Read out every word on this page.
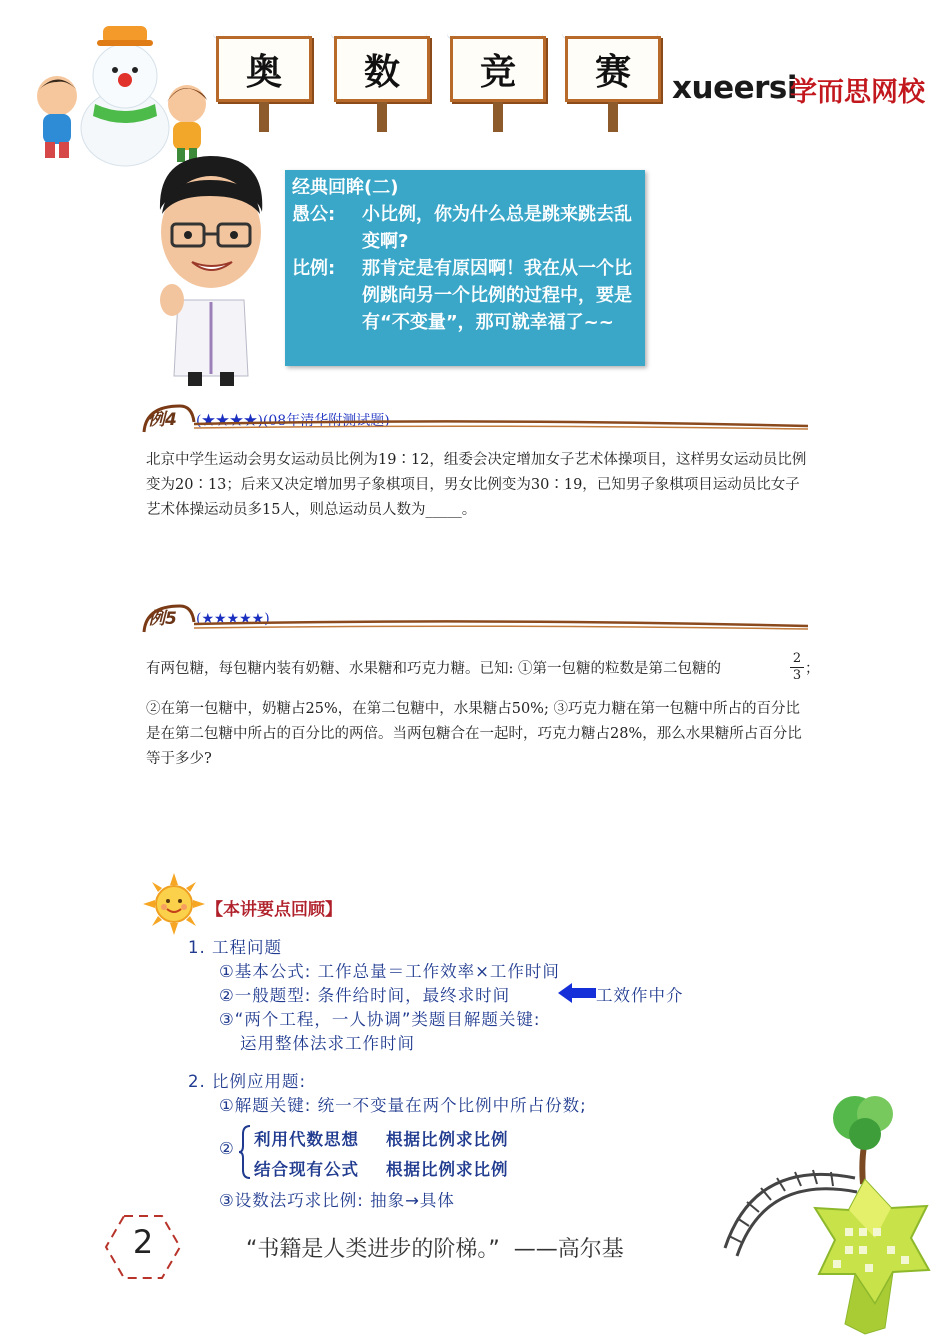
奥	数	竞	赛	xueersi
学而思网校
经典回眸(二)
愚公: 小比例，你为什么总是跳来跳去乱变啊?
比例: 那肯定是有原因啊！我在从一个比例跳向另一个比例的过程中，要是有“不变量”，那可就幸福了~~
例4 (★★★★)(08年清华附测试题)
北京中学生运动会男女运动员比例为19∶12，组委会决定增加女子艺术体操项目，这样男女运动员比例变为20∶13；后来又决定增加男子象棋项目，男女比例变为30∶19，已知男子象棋项目运动员比女子艺术体操运动员多15人，则总运动员人数为_____。
例5 (★★★★★)
有两包糖，每包糖内装有奶糖、水果糖和巧克力糖。已知: ①第一包糖的粒数是第二包糖的	$\frac{2}{3}$ ；
②在第一包糖中，奶糖占25%，在第二包糖中，水果糖占50%; ③巧克力糖在第一包糖中所占的百分比是在第二包糖中所占的百分比的两倍。当两包糖合在一起时，巧克力糖占28%，那么水果糖所占百分比等于多少?
【本讲要点回顾】
1. 工程问题
①基本公式: 工作总量＝工作效率×工作时间
②一般题型: 条件给时间，最终求时间	工效作中介
③“两个工程，一人协调”类题目解题关键:
运用整体法求工作时间
2. 比例应用题:
①解题关键: 统一不变量在两个比例中所占份数;
② 利用代数思想    根据比例求比例
结合现有公式    根据比例求比例
③设数法巧求比例: 抽象→具体
2	“书籍是人类进步的阶梯。”  ——高尔基
